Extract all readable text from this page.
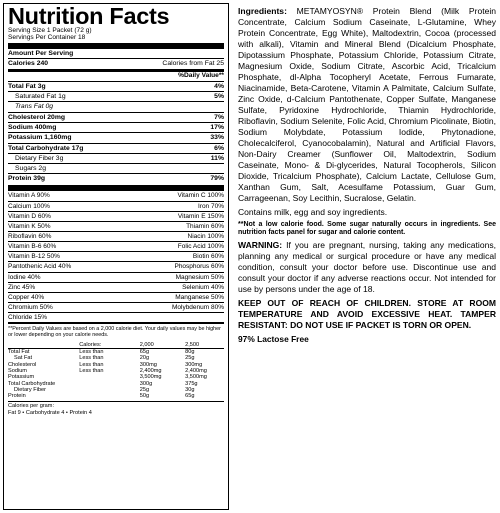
Nutrition Facts
Serving Size 1 Packet (72 g)
Servings Per Container 18
Amount Per Serving
Calories 240	Calories from Fat 25
%Daily Value**
Total Fat 3g	4%
Saturated Fat 1g	5%
Trans Fat 0g
Cholesterol 20mg	7%
Sodium 400mg	17%
Potassium 1,160mg	33%
Total Carbohydrate 17g	6%
Dietary Fiber 3g	11%
Sugars 2g
Protein 39g	79%
Vitamin A 90%	Vitamin C 100%
Calcium 100%	Iron 70%
Vitamin D 60%	Vitamin E 150%
Vitamin K 50%	Thiamin 60%
Riboflavin 60%	Niacin 100%
Vitamin B-6 60%	Folic Acid 100%
Vitamin B-12 50%	Biotin 60%
Pantothenic Acid 40%	Phosphorus 60%
Iodine 40%	Magnesium 50%
Zinc 45%	Selenium 40%
Copper 40%	Manganese 50%
Chromium 50%	Molybdenum 80%
Chloride 15%
**Percent Daily Values are based on a 2,000 calorie diet. Your daily values may be higher or lower depending on your calorie needs.
	Calories:	2,000	2,500
Total Fat	Less than	65g	80g
Sat Fat	Less than	20g	25g
Cholesterol	Less than	300mg	300mg
Sodium	Less than	2,400mg	2,400mg
Potassium		3,500mg	3,500mg
Total Carbohydrate		300g	375g
Dietary Fiber		25g	30g
Protein		50g	65g
Calories per gram:
Fat 9 • Carbohydrate 4 • Protein 4

Ingredients: METAMYOSYN® Protein Blend (Milk Protein Concentrate, Calcium Sodium Caseinate, L-Glutamine, Whey Protein Concentrate, Egg White), Maltodextrin, Cocoa (processed with alkali), Vitamin and Mineral Blend (Dicalcium Phosphate, Dipotassium Phosphate, Potassium Chloride, Potassium Citrate, Magnesium Oxide, Sodium Citrate, Ascorbic Acid, Tricalcium Phosphate, dl-Alpha Tocopheryl Acetate, Ferrous Fumarate, Niacinamide, Beta-Carotene, Vitamin A Palmitate, Calcium Sulfate, Zinc Oxide, d-Calcium Pantothenate, Copper Sulfate, Manganese Sulfate, Pyridoxine Hydrochloride, Thiamin Hydrochloride, Riboflavin, Sodium Selenite, Folic Acid, Chromium Picolinate, Biotin, Sodium Molybdate, Potassium Iodide, Phytonadione, Cholecalciferol, Cyanocobalamin), Natural and Artificial Flavors, Non-Dairy Creamer (Sunflower Oil, Maltodextrin, Sodium Caseinate, Mono- & Di-glycerides, Natural Tocopherols, Silicon Dioxide, Tricalcium Phosphate), Calcium Lactate, Cellulose Gum, Xanthan Gum, Salt, Acesulfame Potassium, Guar Gum, Carrageenan, Soy Lecithin, Sucralose, Gelatin.

Contains milk, egg and soy ingredients.

**Not a low calorie food. Some sugar naturally occurs in ingredients. See nutrition facts panel for sugar and calorie content.

WARNING: If you are pregnant, nursing, taking any medications, planning any medical or surgical procedure or have any medical condition, consult your doctor before use. Discontinue use and consult your doctor if any adverse reactions occur. Not intended for use by persons under the age of 18.

KEEP OUT OF REACH OF CHILDREN. STORE AT ROOM TEMPERATURE AND AVOID EXCESSIVE HEAT. TAMPER RESISTANT: DO NOT USE IF PACKET IS TORN OR OPEN.

97% Lactose Free
